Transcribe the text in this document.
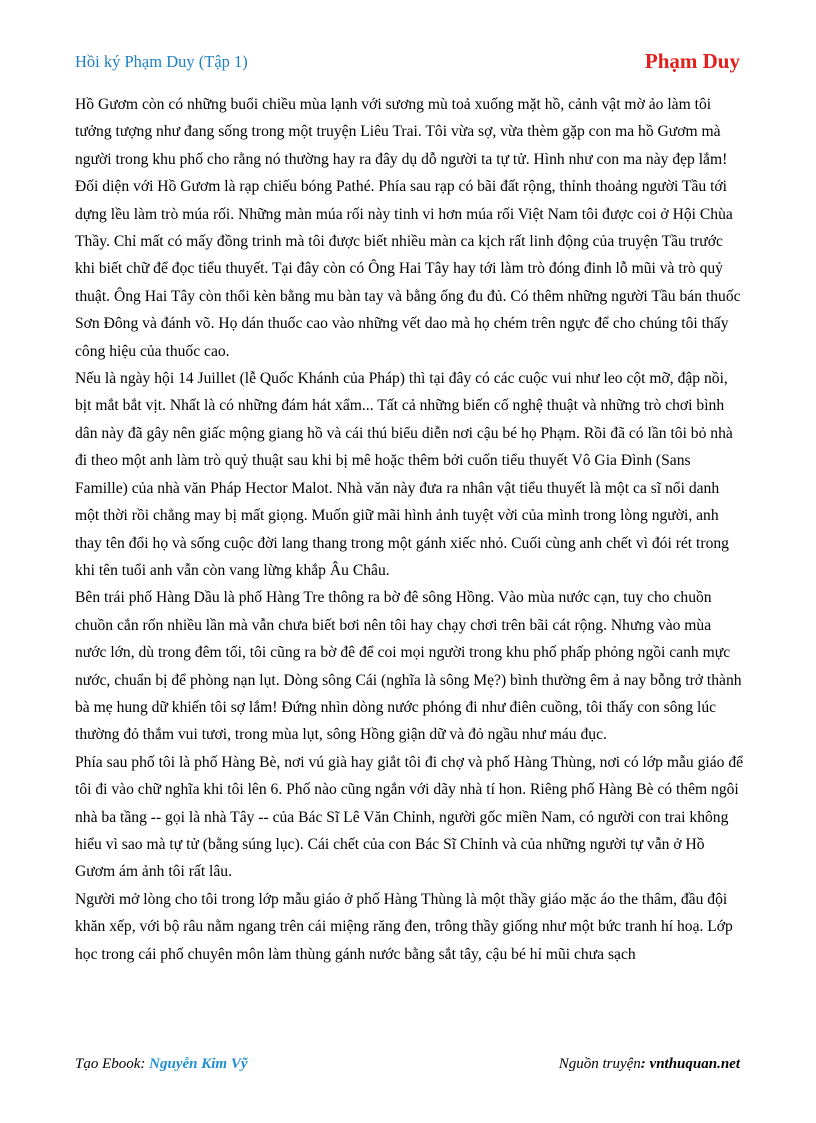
Hồi ký Phạm Duy (Tập 1)	Phạm Duy

Hồ Gươm còn có những buổi chiều mùa lạnh với sương mù toả xuống mặt hồ, cảnh vật mờ ảo làm tôi tưởng tượng như đang sống trong một truyện Liêu Trai. Tôi vừa sợ, vừa thèm gặp con ma hồ Gươm mà người trong khu phố cho rằng nó thường hay ra đây dụ dỗ người ta tự tử. Hình như con ma này đẹp lắm!

Đối diện với Hồ Gươm là rạp chiếu bóng Pathé. Phía sau rạp có bãi đất rộng, thỉnh thoảng người Tầu tới dựng lều làm trò múa rối. Những màn múa rối này tinh vi hơn múa rối Việt Nam tôi được coi ở Hội Chùa Thầy. Chỉ mất có mấy đồng trinh mà tôi được biết nhiều màn ca kịch rất linh động của truyện Tầu trước khi biết chữ để đọc tiểu thuyết. Tại đây còn có Ông Hai Tây hay tới làm trò đóng đinh lỗ mũi và trò quỷ thuật. Ông Hai Tây còn thổi kèn bằng mu bàn tay và bằng ống đu đủ. Có thêm những người Tầu bán thuốc Sơn Đông và đánh võ. Họ dán thuốc cao vào những vết dao mà họ chém trên ngực để cho chúng tôi thấy công hiệu của thuốc cao.

Nếu là ngày hội 14 Juillet (lễ Quốc Khánh của Pháp) thì tại đây có các cuộc vui như leo cột mỡ, đập nồi, bịt mắt bắt vịt. Nhất là có những đám hát xẩm... Tất cả những biến cố nghệ thuật và những trò chơi bình dân này đã gây nên giấc mộng giang hồ và cái thú biểu diễn nơi cậu bé họ Phạm. Rồi đã có lần tôi bỏ nhà đi theo một anh làm trò quỷ thuật sau khi bị mê hoặc thêm bởi cuốn tiểu thuyết Vô Gia Đình (Sans Famille) của nhà văn Pháp Hector Malot. Nhà văn này đưa ra nhân vật tiểu thuyết là một ca sĩ nổi danh một thời rồi chẳng may bị mất giọng. Muốn giữ mãi hình ảnh tuyệt vời của mình trong lòng người, anh thay tên đổi họ và sống cuộc đời lang thang trong một gánh xiếc nhỏ. Cuối cùng anh chết vì đói rét trong khi tên tuổi anh vẫn còn vang lừng khắp Âu Châu.

Bên trái phố Hàng Dầu là phố Hàng Tre thông ra bờ đê sông Hồng. Vào mùa nước cạn, tuy cho chuồn chuồn cắn rốn nhiều lần mà vẫn chưa biết bơi nên tôi hay chạy chơi trên bãi cát rộng. Nhưng vào mùa nước lớn, dù trong đêm tối, tôi cũng ra bờ đê để coi mọi người trong khu phố phấp phỏng ngồi canh mực nước, chuẩn bị để phòng nạn lụt. Dòng sông Cái (nghĩa là sông Mẹ?) bình thường êm ả nay bỗng trở thành bà mẹ hung dữ khiến tôi sợ lắm! Đứng nhìn dòng nước phóng đi như điên cuồng, tôi thấy con sông lúc thường đỏ thắm vui tươi, trong mùa lụt, sông Hồng giận dữ và đỏ ngầu như máu đục.

Phía sau phố tôi là phố Hàng Bè, nơi vú già hay giắt tôi đi chợ và phố Hàng Thùng, nơi có lớp mẫu giáo để tôi đi vào chữ nghĩa khi tôi lên 6. Phố nào cũng ngắn với dãy nhà tí hon. Riêng phố Hàng Bè có thêm ngôi nhà ba tầng -- gọi là nhà Tây -- của Bác Sĩ Lê Văn Chỉnh, người gốc miền Nam, có người con trai không hiểu vì sao mà tự tử (bằng súng lục). Cái chết của con Bác Sĩ Chỉnh và của những người tự vẫn ở Hồ Gươm ám ảnh tôi rất lâu.

Người mở lòng cho tôi trong lớp mẫu giáo ở phố Hàng Thùng là một thầy giáo mặc áo the thâm, đầu đội khăn xếp, với bộ râu nằm ngang trên cái miệng răng đen, trông thầy giống như một bức tranh hí hoạ. Lớp học trong cái phố chuyên môn làm thùng gánh nước bằng sắt tây, cậu bé hỉ mũi chưa sạch

Tạo Ebook: Nguyễn Kim Vỹ	Nguồn truyện: vnthuquan.net
